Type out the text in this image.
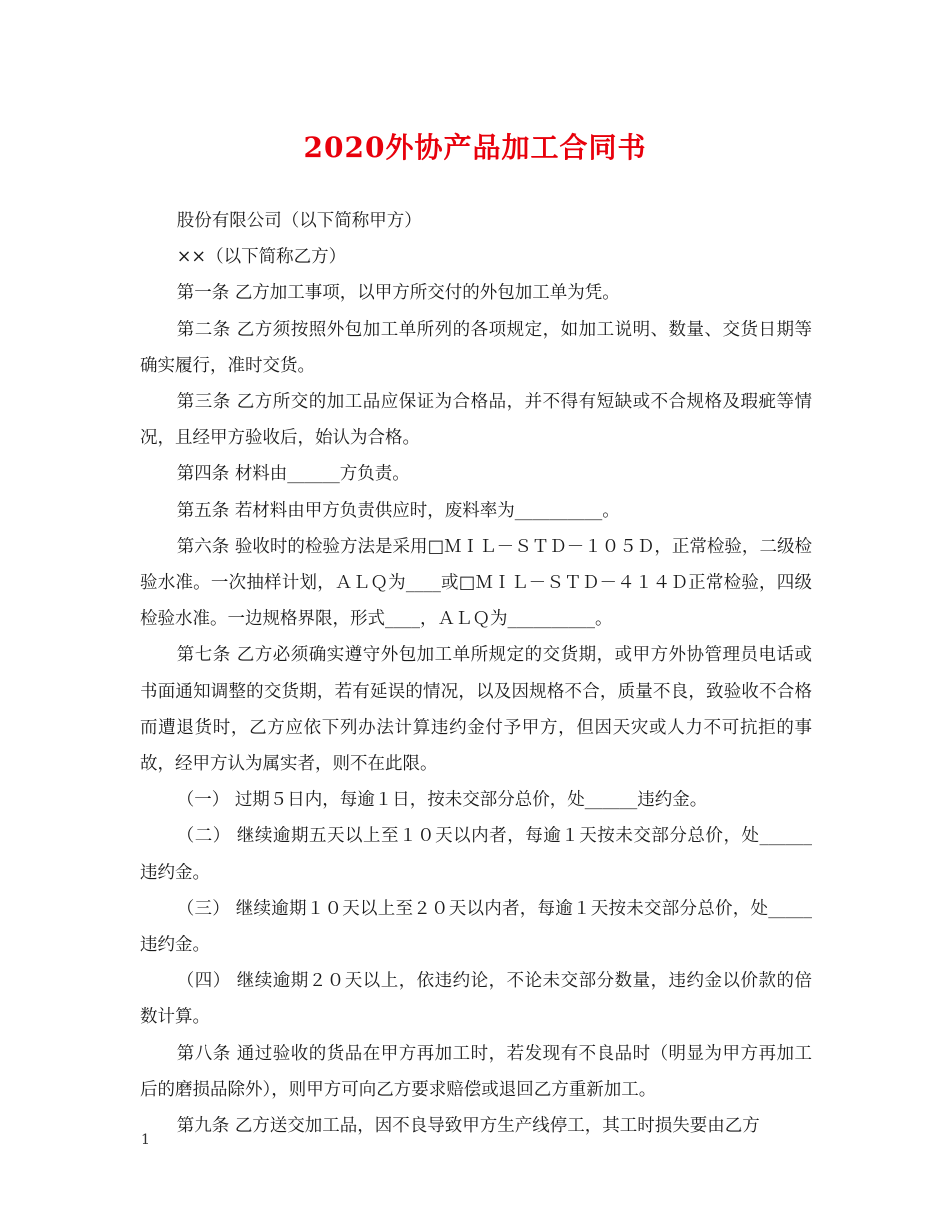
2020外协产品加工合同书

股份有限公司（以下简称甲方）

××（以下简称乙方）

第一条 乙方加工事项，以甲方所交付的外包加工单为凭。

第二条 乙方须按照外包加工单所列的各项规定，如加工说明、数量、交货日期等确实履行，准时交货。

第三条 乙方所交的加工品应保证为合格品，并不得有短缺或不合规格及瑕疵等情况，且经甲方验收后，始认为合格。

第四条 材料由______方负责。

第五条 若材料由甲方负责供应时，废料率为__________。

第六条 验收时的检验方法是采用□ＭＩＬ－ＳＴＤ－１０５Ｄ，正常检验，二级检验水准。一次抽样计划，ＡＬＱ为____或□ＭＩＬ－ＳＴＤ－４１４Ｄ正常检验，四级检验水准。一边规格界限，形式____，ＡＬＱ为__________。

第七条 乙方必须确实遵守外包加工单所规定的交货期，或甲方外协管理员电话或书面通知调整的交货期，若有延误的情况，以及因规格不合，质量不良，致验收不合格而遭退货时，乙方应依下列办法计算违约金付予甲方，但因天灾或人力不可抗拒的事故，经甲方认为属实者，则不在此限。

（一） 过期５日内，每逾１日，按未交部分总价，处______违约金。

（二） 继续逾期五天以上至１０天以内者，每逾１天按未交部分总价，处______违约金。

（三） 继续逾期１０天以上至２０天以内者，每逾１天按未交部分总价，处_____违约金。

（四） 继续逾期２０天以上，依违约论，不论未交部分数量，违约金以价款的倍数计算。

第八条 通过验收的货品在甲方再加工时，若发现有不良品时（明显为甲方再加工后的磨损品除外），则甲方可向乙方要求赔偿或退回乙方重新加工。

第九条 乙方送交加工品，因不良导致甲方生产线停工，其工时损失要由乙方

1
